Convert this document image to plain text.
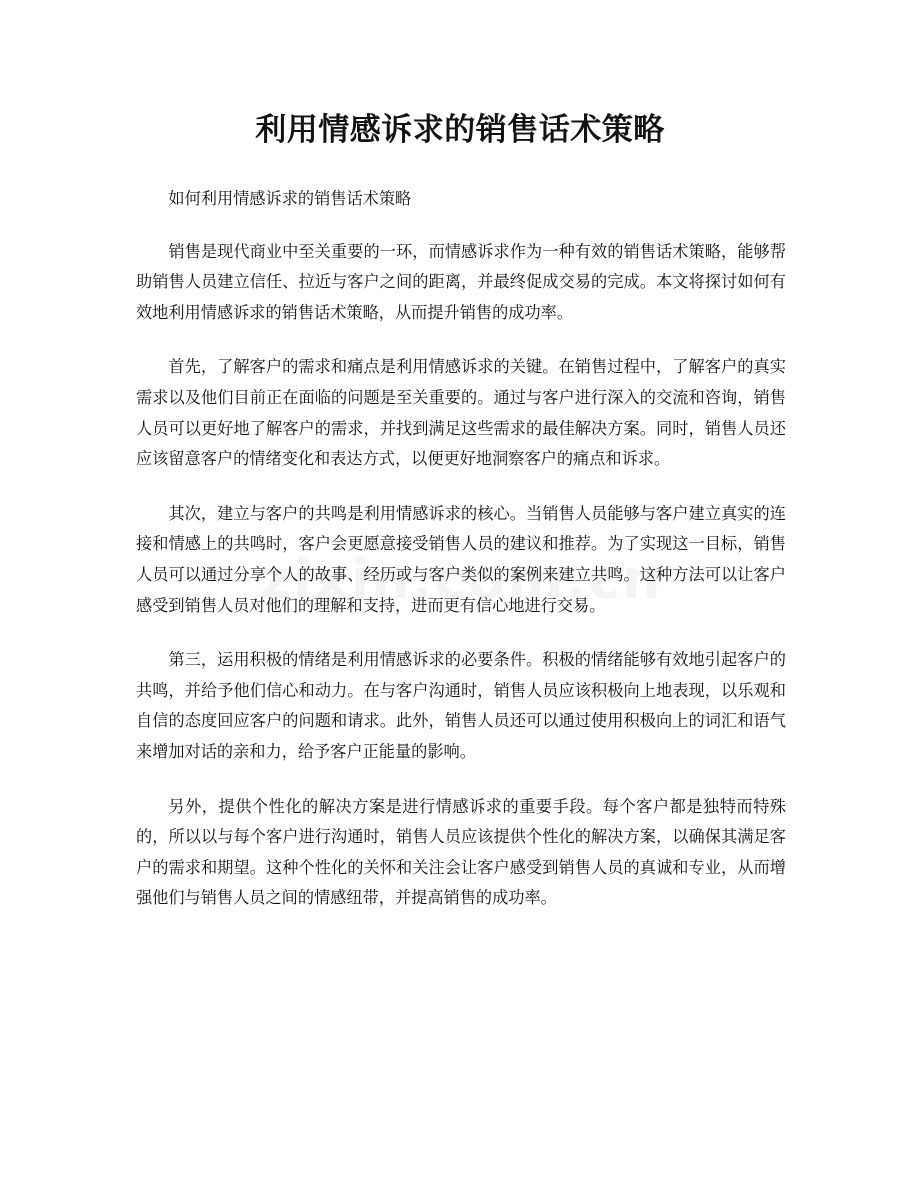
利用情感诉求的销售话术策略

如何利用情感诉求的销售话术策略

销售是现代商业中至关重要的一环，而情感诉求作为一种有效的销售话术策略，能够帮助销售人员建立信任、拉近与客户之间的距离，并最终促成交易的完成。本文将探讨如何有效地利用情感诉求的销售话术策略，从而提升销售的成功率。

首先，了解客户的需求和痛点是利用情感诉求的关键。在销售过程中，了解客户的真实需求以及他们目前正在面临的问题是至关重要的。通过与客户进行深入的交流和咨询，销售人员可以更好地了解客户的需求，并找到满足这些需求的最佳解决方案。同时，销售人员还应该留意客户的情绪变化和表达方式，以便更好地洞察客户的痛点和诉求。

其次，建立与客户的共鸣是利用情感诉求的核心。当销售人员能够与客户建立真实的连接和情感上的共鸣时，客户会更愿意接受销售人员的建议和推荐。为了实现这一目标，销售人员可以通过分享个人的故事、经历或与客户类似的案例来建立共鸣。这种方法可以让客户感受到销售人员对他们的理解和支持，进而更有信心地进行交易。

第三，运用积极的情绪是利用情感诉求的必要条件。积极的情绪能够有效地引起客户的共鸣，并给予他们信心和动力。在与客户沟通时，销售人员应该积极向上地表现，以乐观和自信的态度回应客户的问题和请求。此外，销售人员还可以通过使用积极向上的词汇和语气来增加对话的亲和力，给予客户正能量的影响。

另外，提供个性化的解决方案是进行情感诉求的重要手段。每个客户都是独特而特殊的，所以以与每个客户进行沟通时，销售人员应该提供个性化的解决方案，以确保其满足客户的需求和期望。这种个性化的关怀和关注会让客户感受到销售人员的真诚和专业，从而增强他们与销售人员之间的情感纽带，并提高销售的成功率。
